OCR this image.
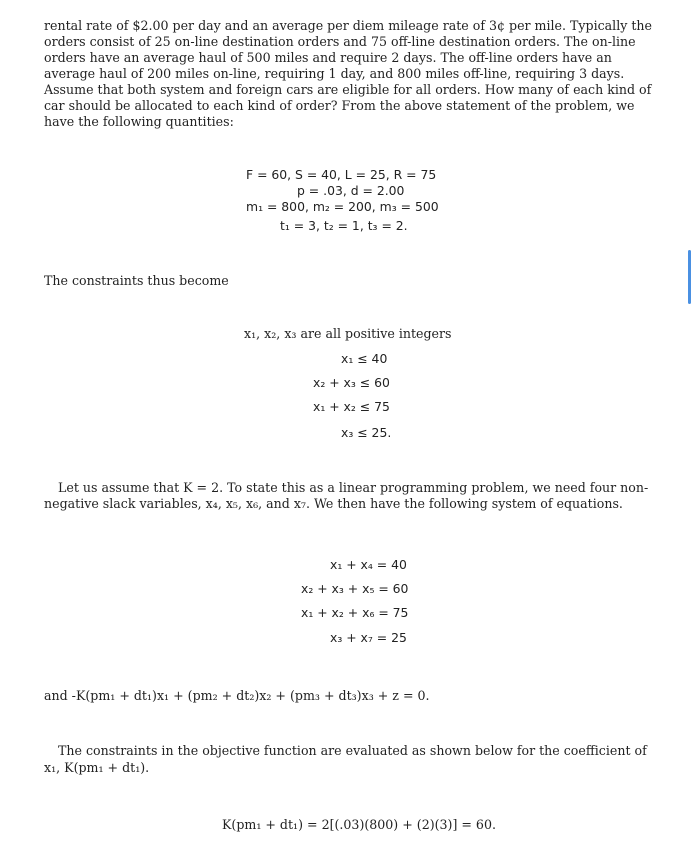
rental rate of $2.00 per day and an average per diem mileage rate of 3¢ per mile. Typically the
orders consist of 25 on-line destination orders and 75 off-line destination orders. The on-line
orders have an average haul of 500 miles and require 2 days. The off-line orders have an
average haul of 200 miles on-line, requiring 1 day, and 800 miles off-line, requiring 3 days.
Assume that both system and foreign cars are eligible for all orders. How many of each kind of
car should be allocated to each kind of order? From the above statement of the problem, we
have the following quantities:
F = 60, S = 40, L = 25, R = 75
p = .03, d = 2.00
m₁ = 800, m₂ = 200, m₃ = 500
t₁ = 3, t₂ = 1, t₃ = 2.
The constraints thus become
x₁, x₂, x₃ are all positive integers
x₁ ≤ 40
x₂ + x₃ ≤ 60
x₁ + x₂ ≤ 75
x₃ ≤ 25.
Let us assume that K = 2. To state this as a linear programming problem, we need four non-
negative slack variables, x₄, x₅, x₆, and x₇. We then have the following system of equations.
x₁ + x₄ = 40
x₂ + x₃ + x₅ = 60
x₁ + x₂ + x₆ = 75
x₃ + x₇ = 25
and -K(pm₁ + dt₁)x₁ + (pm₂ + dt₂)x₂ + (pm₃ + dt₃)x₃ + z = 0.
The constraints in the objective function are evaluated as shown below for the coefficient of
x₁, K(pm₁ + dt₁).
K(pm₁ + dt₁) = 2[(.03)(800) + (2)(3)] = 60.
